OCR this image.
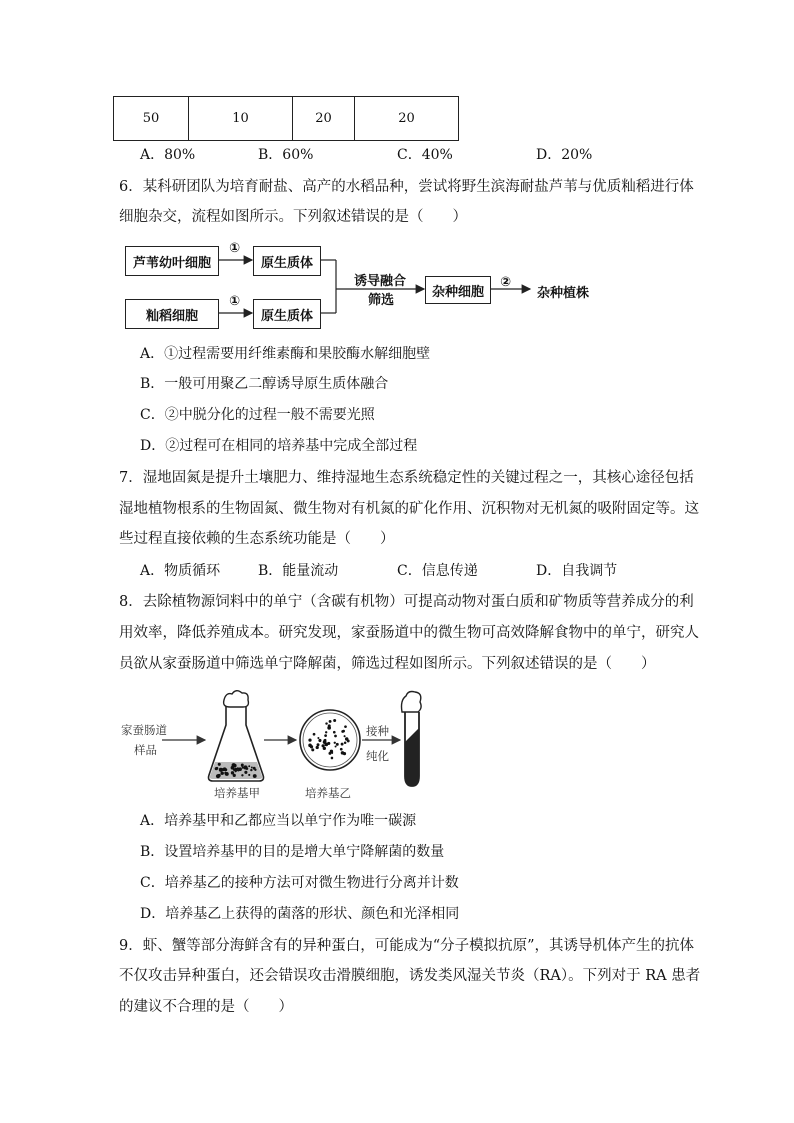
50	10	20	20
A．80%	B．60%	C．40%	D．20%
6．某科研团队为培育耐盐、高产的水稻品种，尝试将野生滨海耐盐芦苇与优质籼稻进行体
细胞杂交，流程如图所示。下列叙述错误的是（　　）
芦苇幼叶细胞
籼稻细胞
原生质体
原生质体
①
①
诱导融合
筛选
杂种细胞
②
杂种植株
A．①过程需要用纤维素酶和果胶酶水解细胞壁
B．一般可用聚乙二醇诱导原生质体融合
C．②中脱分化的过程一般不需要光照
D．②过程可在相同的培养基中完成全部过程
7．湿地固氮是提升土壤肥力、维持湿地生态系统稳定性的关键过程之一，其核心途径包括
湿地植物根系的生物固氮、微生物对有机氮的矿化作用、沉积物对无机氮的吸附固定等。这
些过程直接依赖的生态系统功能是（　　）
A．物质循环	B．能量流动	C．信息传递	D．自我调节
8．去除植物源饲料中的单宁（含碳有机物）可提高动物对蛋白质和矿物质等营养成分的利
用效率，降低养殖成本。研究发现，家蚕肠道中的微生物可高效降解食物中的单宁，研究人
员欲从家蚕肠道中筛选单宁降解菌，筛选过程如图所示。下列叙述错误的是（　　）
家蚕肠道
样品
培养基甲	培养基乙
接种
纯化
A．培养基甲和乙都应当以单宁作为唯一碳源
B．设置培养基甲的目的是增大单宁降解菌的数量
C．培养基乙的接种方法可对微生物进行分离并计数
D．培养基乙上获得的菌落的形状、颜色和光泽相同
9．虾、蟹等部分海鲜含有的异种蛋白，可能成为“分子模拟抗原”，其诱导机体产生的抗体
不仅攻击异种蛋白，还会错误攻击滑膜细胞，诱发类风湿关节炎（RA）。下列对于 RA 患者
的建议不合理的是（　　）
